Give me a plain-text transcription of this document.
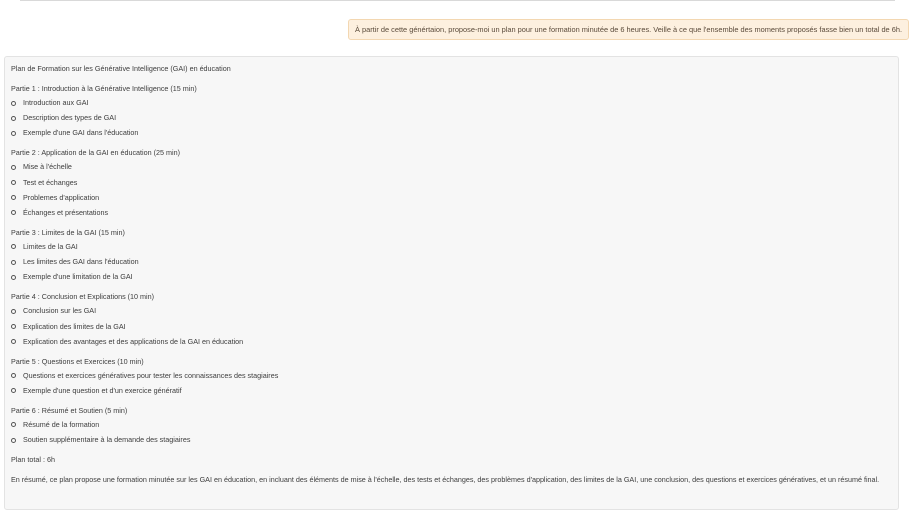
À partir de cette génértaion, propose-moi un plan pour une formation minutée de 6 heures. Veille à ce que l'ensemble des moments proposés fasse bien un total de 6h.

Plan de Formation sur les Générative Intelligence (GAI) en éducation

Partie 1 : Introduction à la Générative Intelligence (15 min)
Introduction aux GAI
Description des types de GAI
Exemple d'une GAI dans l'éducation
Partie 2 : Application de la GAI en éducation (25 min)
Mise à l'échelle
Test et échanges
Problemes d'application
Échanges et présentations
Partie 3 : Limites de la GAI (15 min)
Limites de la GAI
Les limites des GAI dans l'éducation
Exemple d'une limitation de la GAI
Partie 4 : Conclusion et Explications (10 min)
Conclusion sur les GAI
Explication des limites de la GAI
Explication des avantages et des applications de la GAI en éducation
Partie 5 : Questions et Exercices (10 min)
Questions et exercices génératives pour tester les connaissances des stagiaires
Exemple d'une question et d'un exercice génératif
Partie 6 : Résumé et Soutien (5 min)
Résumé de la formation
Soutien supplémentaire à la demande des stagiaires

Plan total : 6h

En résumé, ce plan propose une formation minutée sur les GAI en éducation, en incluant des éléments de mise à l'échelle, des tests et échanges, des problèmes d'application, des limites de la GAI, une conclusion, des questions et exercices génératives, et un résumé final.
